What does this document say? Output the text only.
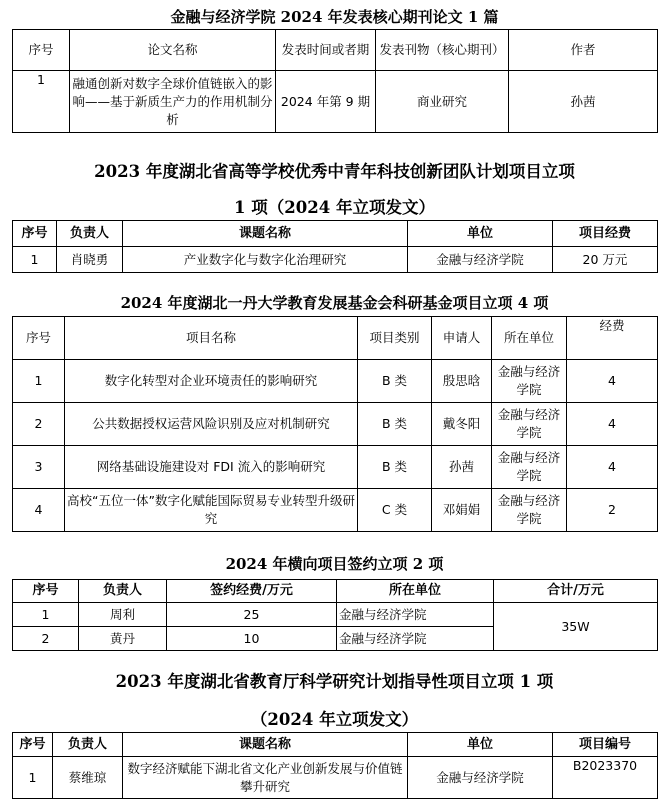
金融与经济学院 2024 年发表核心期刊论文 1 篇
序号	论文名称	发表时间或者期	发表刊物（核心期刊）	作者
1	融通创新对数字全球价值链嵌入的影响——基于新质生产力的作用机制分析	2024 年第 9 期	商业研究	孙茜
2023 年度湖北省高等学校优秀中青年科技创新团队计划项目立项
1 项（2024 年立项发文）
序号	负责人	课题名称	单位	项目经费
1	肖晓勇	产业数字化与数字化治理研究	金融与经济学院	20 万元
2024 年度湖北一丹大学教育发展基金会科研基金项目立项 4 项
序号	项目名称	项目类别	申请人	所在单位	经费
1	数字化转型对企业环境责任的影响研究	B 类	殷思晗	金融与经济学院	4
2	公共数据授权运营风险识别及应对机制研究	B 类	戴冬阳	金融与经济学院	4
3	网络基础设施建设对 FDI 流入的影响研究	B 类	孙茜	金融与经济学院	4
4	高校“五位一体”数字化赋能国际贸易专业转型升级研究	C 类	邓娟娟	金融与经济学院	2
2024 年横向项目签约立项 2 项
序号	负责人	签约经费/万元	所在单位	合计/万元
1	周利	25	金融与经济学院	35W
2	黄丹	10	金融与经济学院	
2023 年度湖北省教育厅科学研究计划指导性项目立项 1 项
（2024 年立项发文）
序号	负责人	课题名称	单位	项目编号
1	蔡维琼	数字经济赋能下湖北省文化产业创新发展与价值链攀升研究	金融与经济学院	B2023370
